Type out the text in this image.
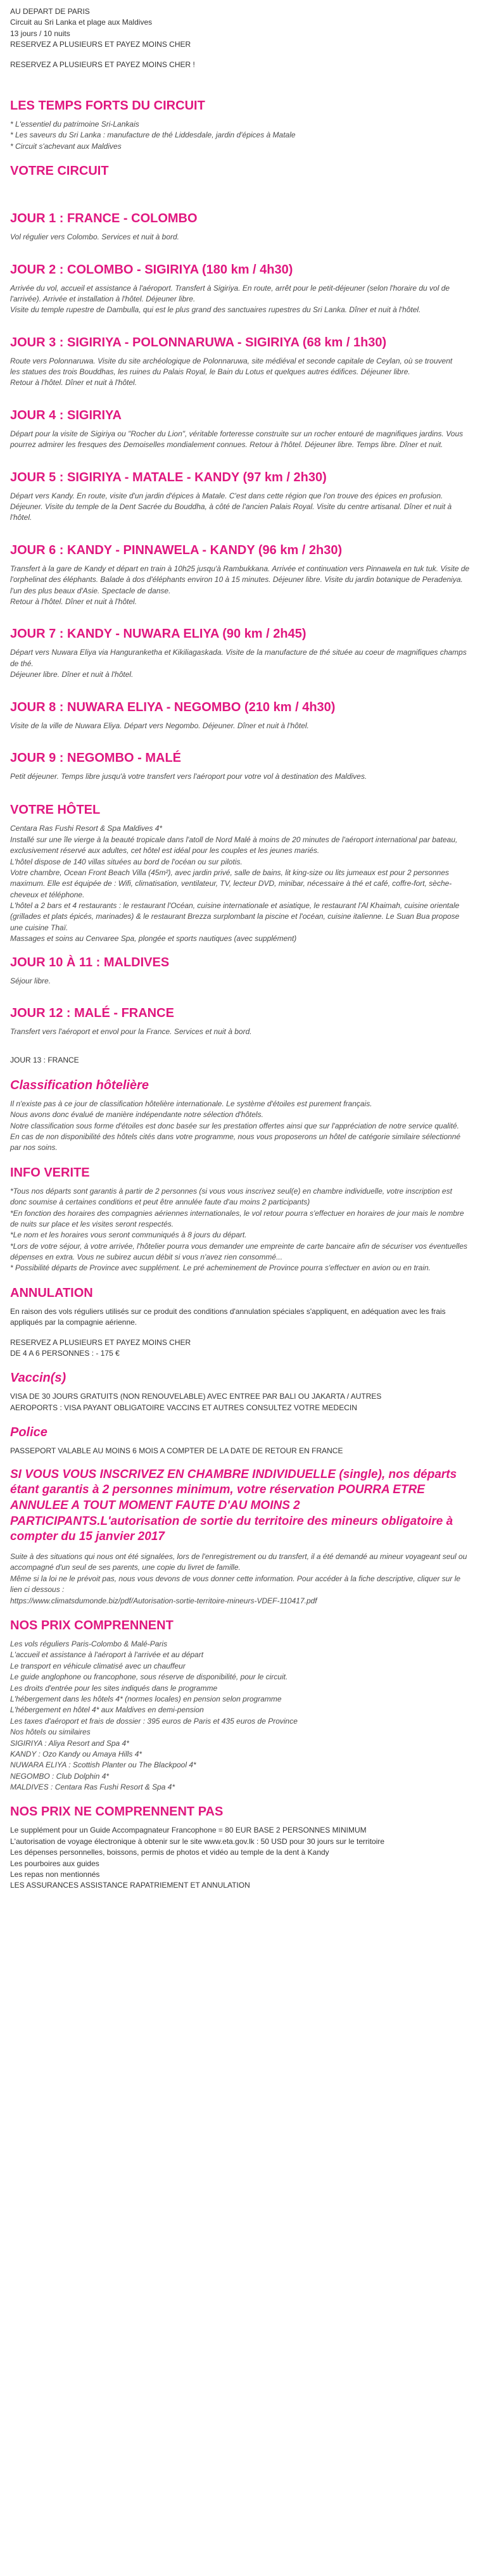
AU DEPART DE PARIS
Circuit au Sri Lanka et plage aux Maldives
13 jours / 10 nuits
RESERVEZ A PLUSIEURS ET PAYEZ MOINS CHER
RESERVEZ A PLUSIEURS ET PAYEZ MOINS CHER !
LES TEMPS FORTS DU CIRCUIT
* L'essentiel du patrimoine Sri-Lankais
* Les saveurs du Sri Lanka : manufacture de thé Liddesdale, jardin d'épices à Matale
* Circuit s'achevant aux Maldives
VOTRE CIRCUIT
JOUR 1 : FRANCE - COLOMBO
Vol régulier vers Colombo. Services et nuit à bord.
JOUR 2 : COLOMBO - SIGIRIYA (180 km / 4h30)
Arrivée du vol, accueil et assistance à l'aéroport. Transfert à Sigiriya. En route, arrêt pour le petit-déjeuner (selon l'horaire du vol de l'arrivée). Arrivée et installation à l'hôtel. Déjeuner libre.
Visite du temple rupestre de Dambulla, qui est le plus grand des sanctuaires rupestres du Sri Lanka. Dîner et nuit à l'hôtel.
JOUR 3 : SIGIRIYA - POLONNARUWA - SIGIRIYA (68 km / 1h30)
Route vers Polonnaruwa. Visite du site archéologique de Polonnaruwa, site médiéval et seconde capitale de Ceylan, où se trouvent
les statues des trois Bouddhas, les ruines du Palais Royal, le Bain du Lotus et quelques autres édifices. Déjeuner libre.
Retour à l'hôtel. Dîner et nuit à l'hôtel.
JOUR 4 : SIGIRIYA
Départ pour la visite de Sigiriya ou "Rocher du Lion", véritable forteresse construite sur un rocher entouré de magnifiques jardins. Vous
pourrez admirer les fresques des Demoiselles mondialement connues. Retour à l'hôtel. Déjeuner libre. Temps libre. Dîner et nuit.
JOUR 5 : SIGIRIYA - MATALE - KANDY (97 km / 2h30)
Départ vers Kandy. En route, visite d'un jardin d'épices à Matale. C'est dans cette région que l'on trouve des épices en profusion. Déjeuner. Visite du temple de la Dent Sacrée du Bouddha, à côté de l'ancien Palais Royal. Visite du centre artisanal. Dîner et nuit à l'hôtel.
JOUR 6 : KANDY - PINNAWELA - KANDY (96 km / 2h30)
Transfert à la gare de Kandy et départ en train à 10h25 jusqu'à Rambukkana. Arrivée et continuation vers Pinnawela en tuk tuk. Visite de l'orphelinat des éléphants. Balade à dos d'éléphants environ 10 à 15 minutes. Déjeuner libre. Visite du jardin botanique de Peradeniya.
l'un des plus beaux d'Asie. Spectacle de danse.
Retour à l'hôtel. Dîner et nuit à l'hôtel.
JOUR 7 : KANDY - NUWARA ELIYA (90 km / 2h45)
Départ vers Nuwara Eliya via Hanguranketha et Kikiliagaskada. Visite de la manufacture de thé située au coeur de magnifiques champs de thé.
Déjeuner libre. Dîner et nuit à l'hôtel.
JOUR 8 : NUWARA ELIYA - NEGOMBO (210 km / 4h30)
Visite de la ville de Nuwara Eliya. Départ vers Negombo. Déjeuner. Dîner et nuit à l'hôtel.
JOUR 9 : NEGOMBO - MALÉ
Petit déjeuner. Temps libre jusqu'à votre transfert vers l'aéroport pour votre vol à destination des Maldives.
VOTRE HÔTEL
Centara Ras Fushi Resort & Spa Maldives 4*
Installé sur une île vierge à la beauté tropicale dans l'atoll de Nord Malé à moins de 20 minutes de l'aéroport international par bateau, exclusivement réservé aux adultes, cet hôtel est idéal pour les couples et les jeunes mariés.
L'hôtel dispose de 140 villas situées au bord de l'océan ou sur pilotis.
Votre chambre, Ocean Front Beach Villa (45m²), avec jardin privé, salle de bains, lit king-size ou lits jumeaux est pour 2 personnes maximum. Elle est équipée de : Wifi, climatisation, ventilateur, TV, lecteur DVD, minibar, nécessaire à thé et café, coffre-fort, sèche-cheveux et téléphone.
L'hôtel a 2 bars et 4 restaurants : le restaurant l'Océan, cuisine internationale et asiatique, le restaurant l'Al Khaimah, cuisine orientale (grillades et plats épicés, marinades) & le restaurant Brezza surplombant la piscine et l'océan, cuisine italienne. Le Suan Bua propose une cuisine Thaï.
Massages et soins au Cenvaree Spa, plongée et sports nautiques (avec supplément)
JOUR 10 À 11 : MALDIVES
Séjour libre.
JOUR 12 : MALÉ - FRANCE
Transfert vers l'aéroport et envol pour la France. Services et nuit à bord.
JOUR 13 : FRANCE
Classification hôtelière
Il n'existe pas à ce jour de classification hôtelière internationale. Le système d'étoiles est purement français.
Nous avons donc évalué de manière indépendante notre sélection d'hôtels.
Notre classification sous forme d'étoiles est donc basée sur les prestation offertes ainsi que sur l'appréciation de notre service qualité.
En cas de non disponibilité des hôtels cités dans votre programme, nous vous proposerons un hôtel de catégorie similaire sélectionné par nos soins.
INFO VERITE
*Tous nos départs sont garantis à partir de 2 personnes (si vous vous inscrivez seul(e) en chambre individuelle, votre inscription est donc soumise à certaines conditions et peut être annulée faute d'au moins 2 participants)
*En fonction des horaires des compagnies aériennes internationales, le vol retour pourra s'effectuer en horaires de jour mais le nombre de nuits sur place et les visites seront respectés.
*Le nom et les horaires vous seront communiqués à 8 jours du départ.
*Lors de votre séjour, à votre arrivée, l'hôtelier pourra vous demander une empreinte de carte bancaire afin de sécuriser vos éventuelles dépenses en extra. Vous ne subirez aucun débit si vous n'avez rien consommé...
* Possibilité départs de Province avec supplément. Le pré acheminement de Province pourra s'effectuer en avion ou en train.
ANNULATION
En raison des vols réguliers utilisés sur ce produit des conditions d'annulation spéciales s'appliquent, en adéquation avec les frais appliqués par la compagnie aérienne.
RESERVEZ A PLUSIEURS ET PAYEZ MOINS CHER
DE 4 A 6 PERSONNES : - 175 €
Vaccin(s)
VISA DE 30 JOURS GRATUITS (NON RENOUVELABLE) AVEC ENTREE PAR BALI OU JAKARTA / AUTRES
AEROPORTS : VISA PAYANT OBLIGATOIRE VACCINS ET AUTRES CONSULTEZ VOTRE MEDECIN
Police
PASSEPORT VALABLE AU MOINS 6 MOIS A COMPTER DE LA DATE DE RETOUR EN FRANCE
SI VOUS VOUS INSCRIVEZ EN CHAMBRE INDIVIDUELLE (single), nos départs étant garantis à 2 personnes minimum, votre réservation POURRA ETRE ANNULEE A TOUT MOMENT FAUTE D'AU MOINS 2 PARTICIPANTS.L'autorisation de sortie du territoire des mineurs obligatoire à compter du 15 janvier 2017
Suite à des situations qui nous ont été signalées, lors de l'enregistrement ou du transfert, il a été demandé au mineur voyageant seul ou accompagné d'un seul de ses parents, une copie du livret de famille.
Même si la loi ne le prévoit pas, nous vous devons de vous donner cette information. Pour accéder à la fiche descriptive, cliquer sur le lien ci dessous :
https://www.climatsdumonde.biz/pdf/Autorisation-sortie-territoire-mineurs-VDEF-110417.pdf
NOS PRIX COMPRENNENT
Les vols réguliers Paris-Colombo & Malé-Paris
L'accueil et assistance à l'aéroport à l'arrivée et au départ
Le transport en véhicule climatisé avec un chauffeur
Le guide anglophone ou francophone, sous réserve de disponibilité, pour le circuit.
Les droits d'entrée pour les sites indiqués dans le programme
L'hébergement dans les hôtels 4* (normes locales) en pension selon programme
L'hébergement en hôtel 4* aux Maldives en demi-pension
Les taxes d'aéroport et frais de dossier : 395 euros de Paris et 435 euros de Province
Nos hôtels ou similaires
SIGIRIYA : Aliya Resort and Spa 4*
KANDY : Ozo Kandy ou Amaya Hills 4*
NUWARA ELIYA : Scottish Planter ou The Blackpool 4*
NEGOMBO : Club Dolphin 4*
MALDIVES : Centara Ras Fushi Resort & Spa 4*
NOS PRIX NE COMPRENNENT PAS
Le supplément pour un Guide Accompagnateur Francophone = 80 EUR BASE 2 PERSONNES MINIMUM
L'autorisation de voyage électronique à obtenir sur le site www.eta.gov.lk : 50 USD pour 30 jours sur le territoire
Les dépenses personnelles, boissons, permis de photos et vidéo au temple de la dent à Kandy
Les pourboires aux guides
Les repas non mentionnés
LES ASSURANCES ASSISTANCE RAPATRIEMENT ET ANNULATION
